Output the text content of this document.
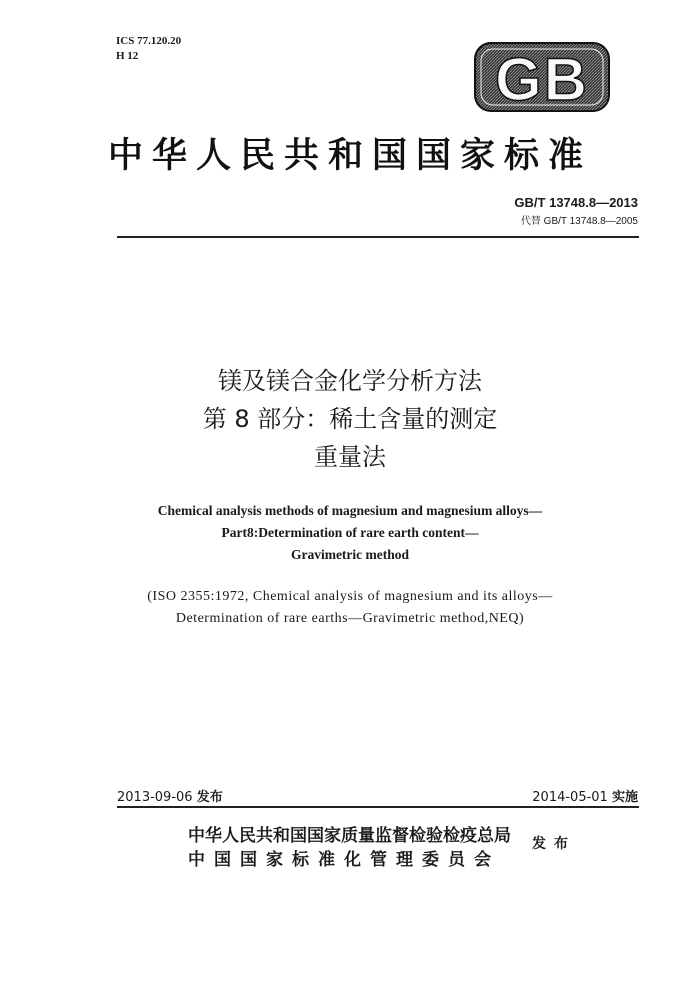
ICS 77.120.20
H 12	GB
中华人民共和国国家标准
GB/T 13748.8—2013
代替 GB/T 13748.8—2005
镁及镁合金化学分析方法
第 8 部分：稀土含量的测定
重量法
Chemical analysis methods of magnesium and magnesium alloys—
Part8:Determination of rare earth content—
Gravimetric method
(ISO 2355:1972, Chemical analysis of magnesium and its alloys—
Determination of rare earths—Gravimetric method,NEQ)
2013-09-06 发布	2014-05-01 实施
中华人民共和国国家质量监督检验检疫总局
中国国家标准化管理委员会
发布
